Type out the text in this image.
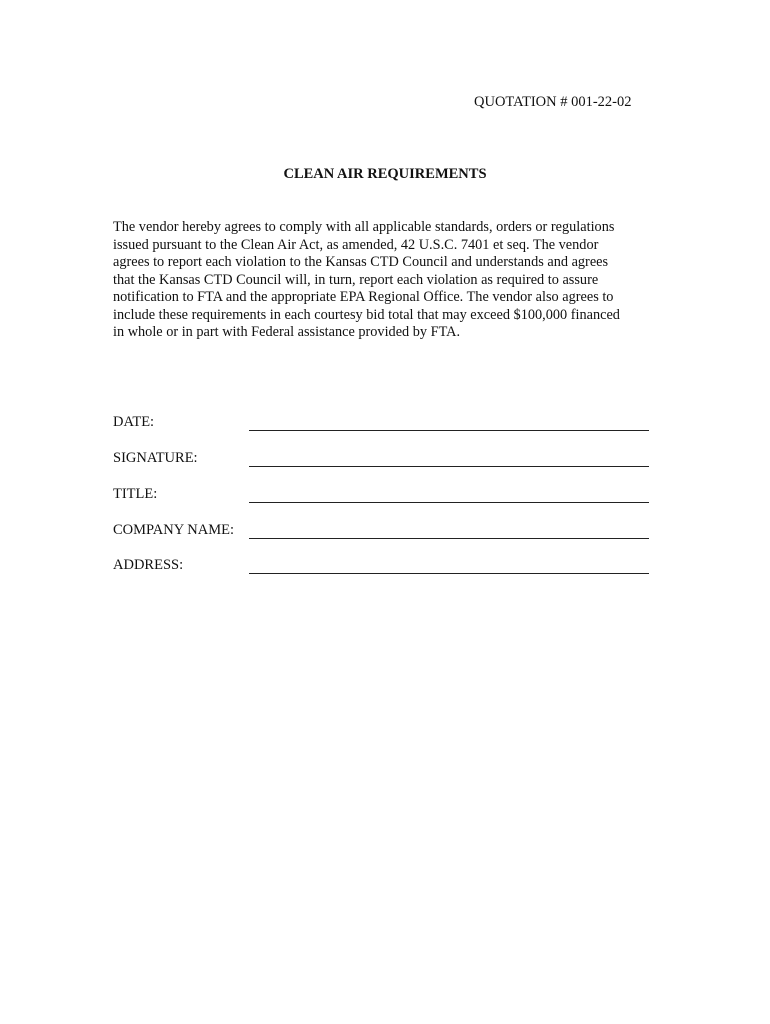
QUOTATION # 001-22-02
CLEAN AIR REQUIREMENTS
The vendor hereby agrees to comply with all applicable standards, orders or regulations
issued pursuant to the Clean Air Act, as amended, 42 U.S.C. 7401 et seq. The vendor
agrees to report each violation to the Kansas CTD Council and understands and agrees
that the Kansas CTD Council will, in turn, report each violation as required to assure
notification to FTA and the appropriate EPA Regional Office. The vendor also agrees to
include these requirements in each courtesy bid total that may exceed $100,000 financed
in whole or in part with Federal assistance provided by FTA.
DATE:
SIGNATURE:
TITLE:
COMPANY NAME:
ADDRESS:
